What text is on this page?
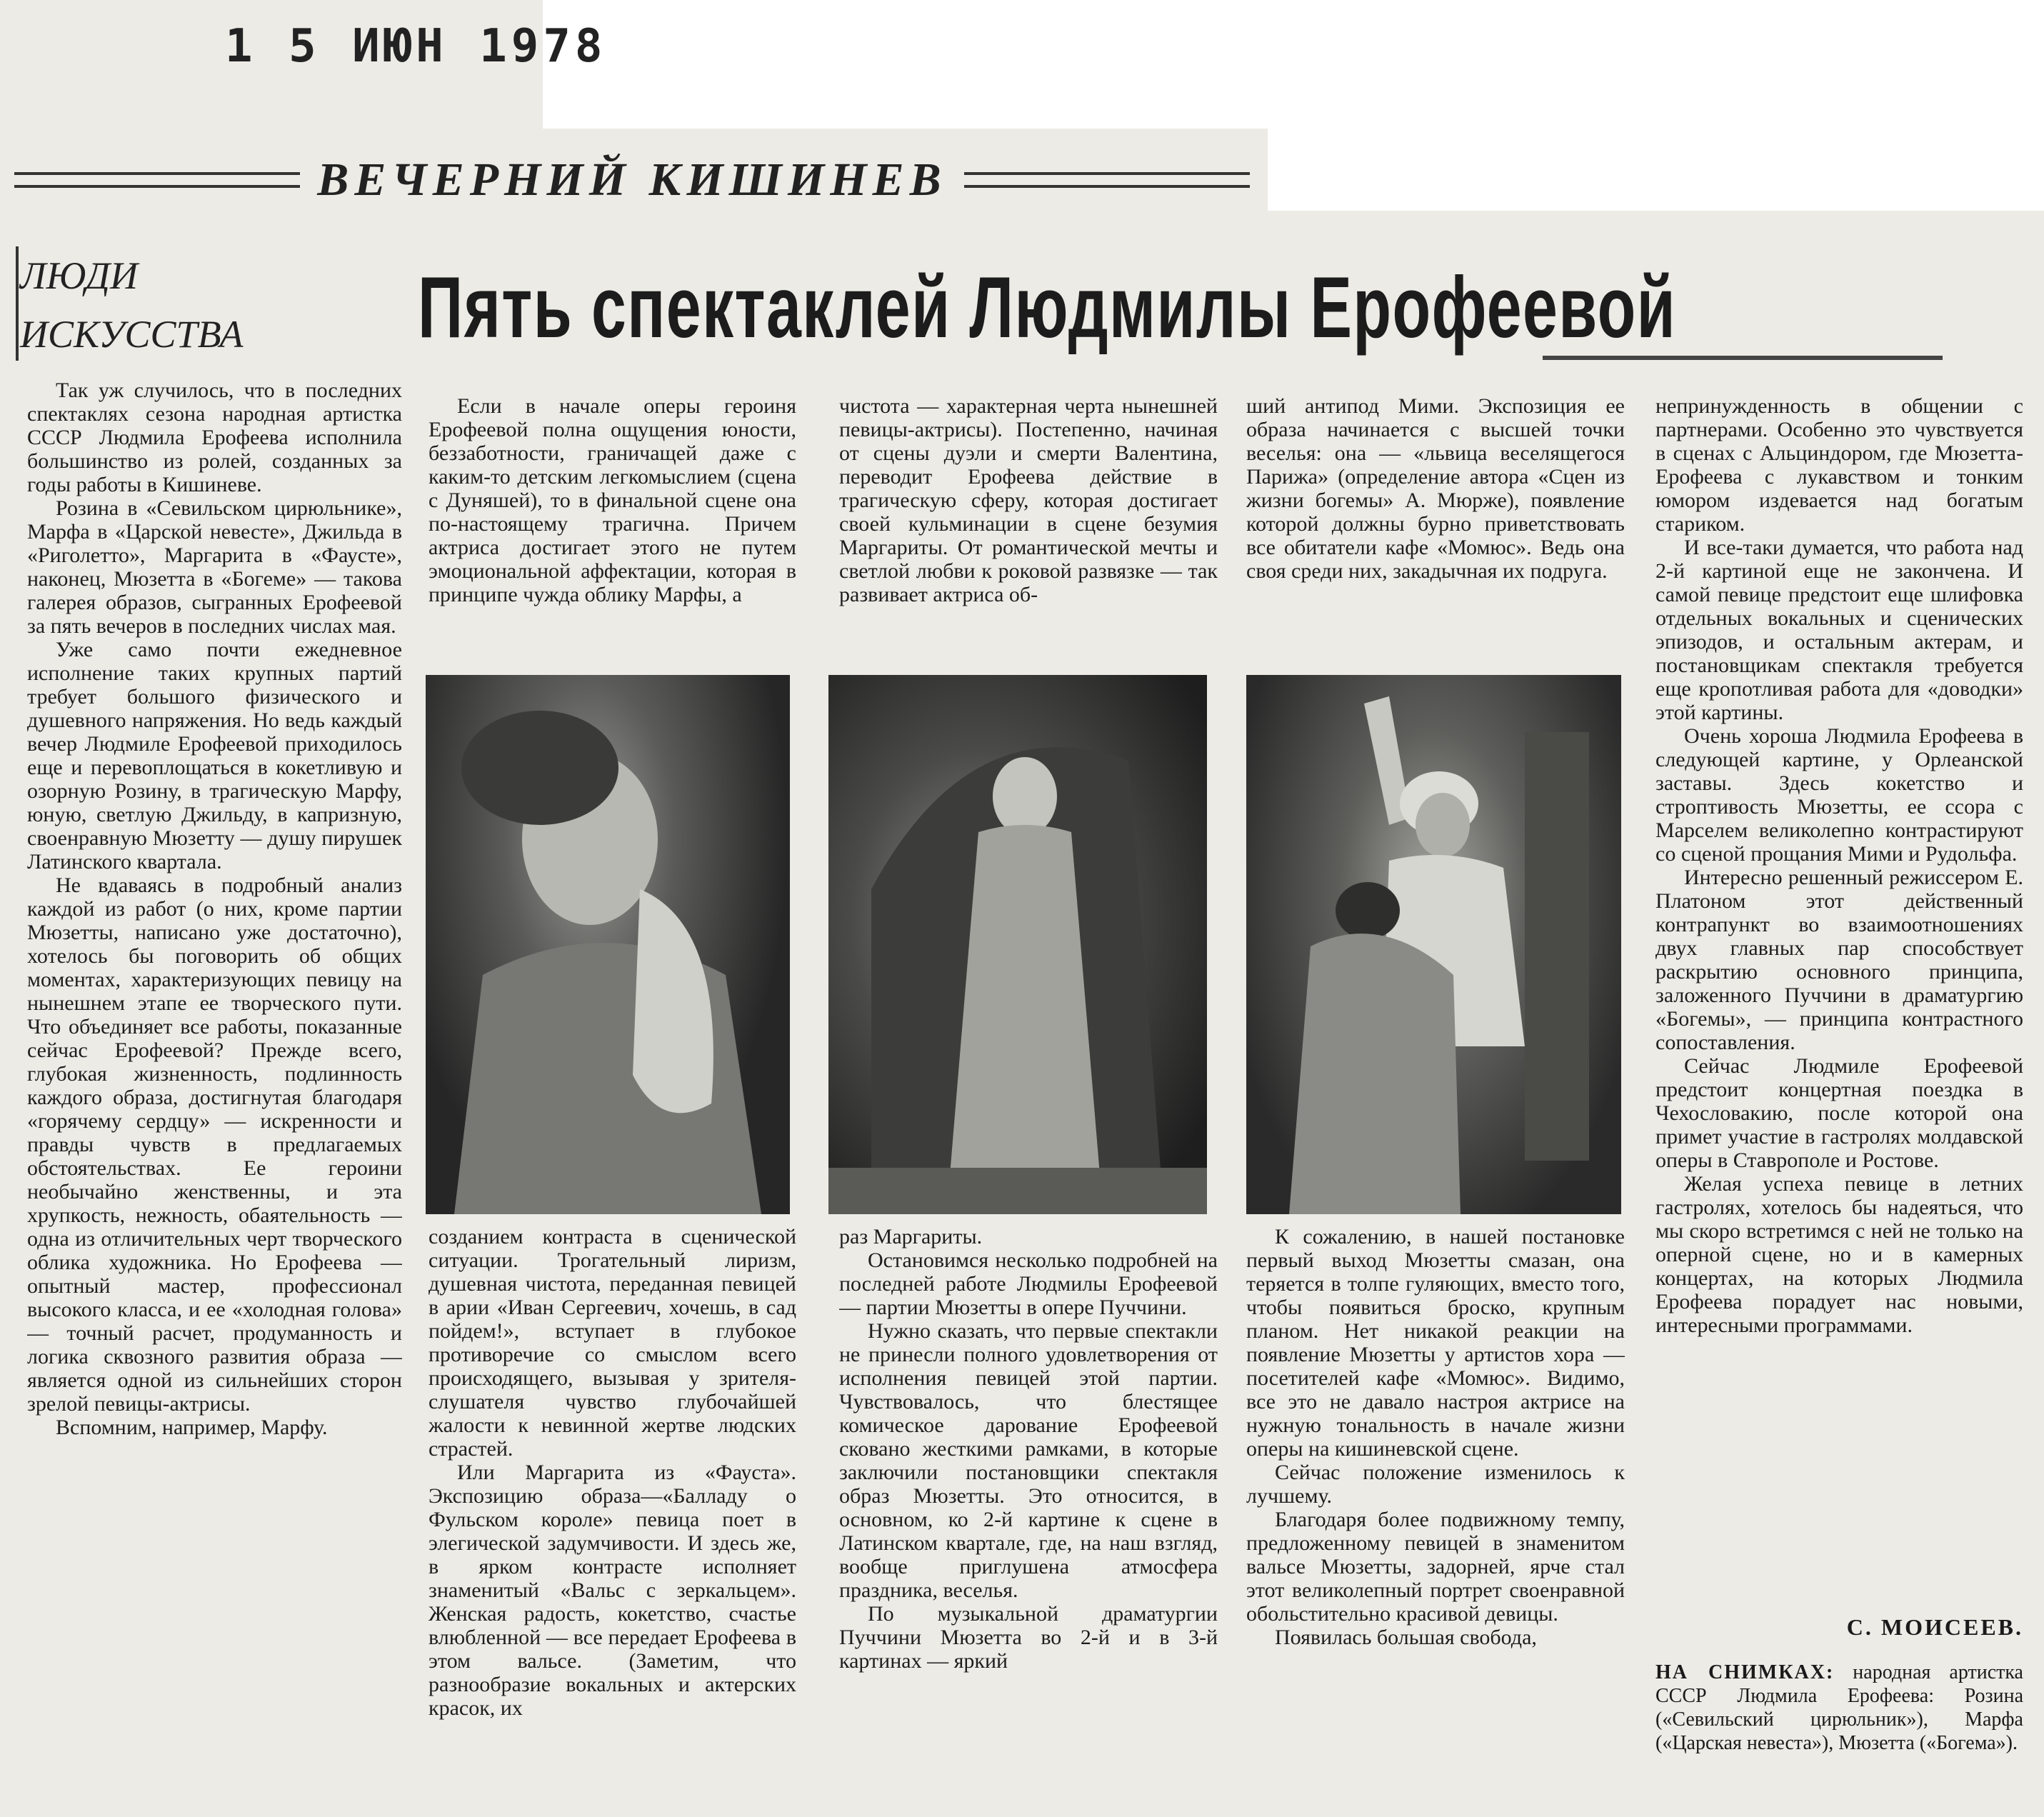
1 5 ИЮН 1978
ВЕЧЕРНИЙ КИШИНЕВ
ЛЮДИ
ИСКУССТВА Пять спектаклей Людмилы Ерофеевой

Так уж случилось, что в последних спектаклях сезона народная артистка СССР Людмила Ерофеева исполнила большинство из ролей, созданных за годы работы в Кишиневе.

Розина в «Севильском цирюльнике», Марфа в «Царской невесте», Джильда в «Риголетто», Маргарита в «Фаусте», наконец, Мюзетта в «Богеме» — такова галерея образов, сыгранных Ерофеевой за пять вечеров в последних числах мая.

Уже само почти ежедневное исполнение таких крупных партий требует большого физического и душевного напряжения. Но ведь каждый вечер Людмиле Ерофеевой приходилось еще и перевоплощаться в кокетливую и озорную Розину, в трагическую Марфу, юную, светлую Джильду, в капризную, своенравную Мюзетту — душу пирушек Латинского квартала.

Не вдаваясь в подробный анализ каждой из работ (о них, кроме партии Мюзетты, написано уже достаточно), хотелось бы поговорить об общих моментах, характеризующих певицу на нынешнем этапе ее творческого пути. Что объединяет все работы, показанные сейчас Ерофеевой? Прежде всего, глубокая жизненность, подлинность каждого образа, достигнутая благодаря «горячему сердцу» — искренности и правды чувств в предлагаемых обстоятельствах. Ее героини необычайно женственны, и эта хрупкость, нежность, обаятельность — одна из отличительных черт творческого облика художника. Но Ерофеева — опытный мастер, профессионал высокого класса, и ее «холодная голова» — точный расчет, продуманность и логика сквозного развития образа — является одной из сильнейших сторон зрелой певицы-актрисы.

Вспомним, например, Марфу.

Если в начале оперы героиня Ерофеевой полна ощущения юности, беззаботности, граничащей даже с каким-то детским легкомыслием (сцена с Дуняшей), то в финальной сцене она по-настоящему трагична. Причем актриса достигает этого не путем эмоциональной аффектации, которая в принципе чужда облику Марфы, а

чистота — характерная черта нынешней певицы-актрисы). Постепенно, начиная от сцены дуэли и смерти Валентина, переводит Ерофеева действие в трагическую сферу, которая достигает своей кульминации в сцене безумия Маргариты. От романтической мечты и светлой любви к роковой развязке — так развивает актриса об-

ший антипод Мими. Экспозиция ее образа начинается с высшей точки веселья: она — «львица веселящегося Парижа» (определение автора «Сцен из жизни богемы» А. Мюрже), появление которой должны бурно приветствовать все обитатели кафе «Момюс». Ведь она своя среди них, закадычная их подруга.

созданием контраста в сценической ситуации. Трогательный лиризм, душевная чистота, переданная певицей в арии «Иван Сергеевич, хочешь, в сад пойдем!», вступает в глубокое противоречие со смыслом всего происходящего, вызывая у зрителя-слушателя чувство глубочайшей жалости к невинной жертве людских страстей.

Или Маргарита из «Фауста». Экспозицию образа—«Балладу о Фульском короле» певица поет в элегической задумчивости. И здесь же, в ярком контрасте исполняет знаменитый «Вальс с зеркальцем». Женская радость, кокетство, счастье влюбленной — все передает Ерофеева в этом вальсе. (Заметим, что разнообразие вокальных и актерских красок, их

раз Маргариты.

Остановимся несколько подробней на последней работе Людмилы Ерофеевой — партии Мюзетты в опере Пуччини.

Нужно сказать, что первые спектакли не принесли полного удовлетворения от исполнения певицей этой партии. Чувствовалось, что блестящее комическое дарование Ерофеевой сковано жесткими рамками, в которые заключили постановщики спектакля образ Мюзетты. Это относится, в основном, ко 2-й картине к сцене в Латинском квартале, где, на наш взгляд, вообще приглушена атмосфера праздника, веселья.

По музыкальной драматургии Пуччини Мюзетта во 2-й и в 3-й картинах — яркий

К сожалению, в нашей постановке первый выход Мюзетты смазан, она теряется в толпе гуляющих, вместо того, чтобы появиться броско, крупным планом. Нет никакой реакции на появление Мюзетты у артистов хора — посетителей кафе «Момюс». Видимо, все это не давало настроя актрисе на нужную тональность в начале жизни оперы на кишиневской сцене.

Сейчас положение изменилось к лучшему.

Благодаря более подвижному темпу, предложенному певицей в знаменитом вальсе Мюзетты, задорней, ярче стал этот великолепный портрет своенравной обольстительно красивой девицы.

Появилась большая свобода,

непринужденность в общении с партнерами. Особенно это чувствуется в сценах с Альциндором, где Мюзетта-Ерофеева с лукавством и тонким юмором издевается над богатым стариком.

И все-таки думается, что работа над 2-й картиной еще не закончена. И самой певице предстоит еще шлифовка отдельных вокальных и сценических эпизодов, и остальным актерам, и постановщикам спектакля требуется еще кропотливая работа для «доводки» этой картины.

Очень хороша Людмила Ерофеева в следующей картине, у Орлеанской заставы. Здесь кокетство и строптивость Мюзетты, ее ссора с Марселем великолепно контрастируют со сценой прощания Мими и Рудольфа.

Интересно решенный режиссером Е. Платоном этот действенный контрапункт во взаимоотношениях двух главных пар способствует раскрытию основного принципа, заложенного Пуччини в драматургию «Богемы», — принципа контрастного сопоставления.

Сейчас Людмиле Ерофеевой предстоит концертная поездка в Чехословакию, после которой она примет участие в гастролях молдавской оперы в Ставрополе и Ростове.

Желая успеха певице в летних гастролях, хотелось бы надеяться, что мы скоро встретимся с ней не только на оперной сцене, но и в камерных концертах, на которых Людмила Ерофеева порадует нас новыми, интересными программами.

С. МОИСЕЕВ.
НА СНИМКАХ: народная артистка СССР Людмила Ерофеева: Розина («Севильский цирюльник»), Марфа («Царская невеста»), Мюзетта («Богема»).
